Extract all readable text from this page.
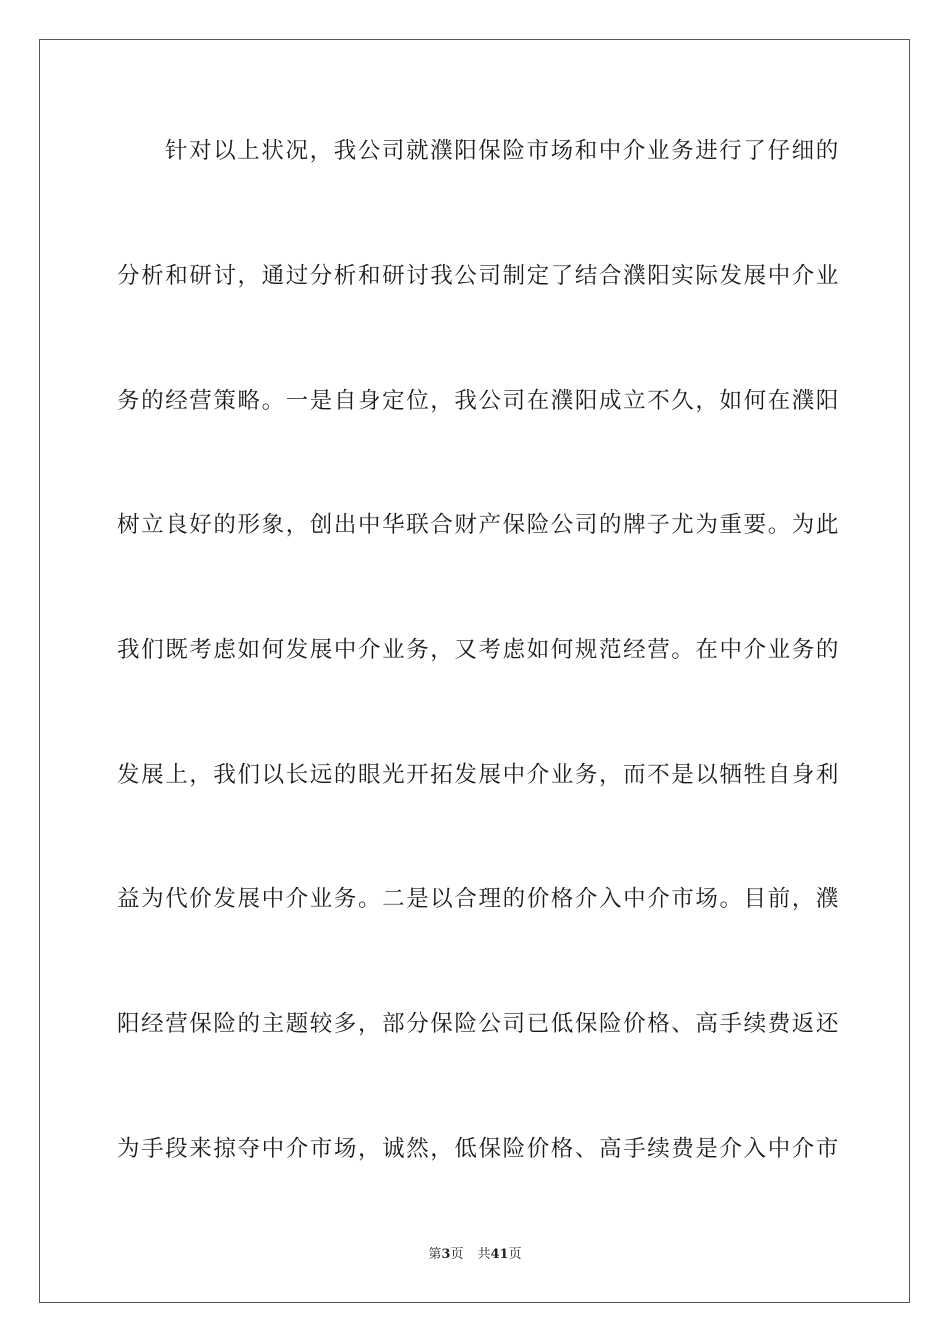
针对以上状况，我公司就濮阳保险市场和中介业务进行了仔细的

分析和研讨，通过分析和研讨我公司制定了结合濮阳实际发展中介业

务的经营策略。一是自身定位，我公司在濮阳成立不久，如何在濮阳

树立良好的形象，创出中华联合财产保险公司的牌子尤为重要。为此

我们既考虑如何发展中介业务，又考虑如何规范经营。在中介业务的

发展上，我们以长远的眼光开拓发展中介业务，而不是以牺牲自身利

益为代价发展中介业务。二是以合理的价格介入中介市场。目前，濮

阳经营保险的主题较多，部分保险公司已低保险价格、高手续费返还

为手段来掠夺中介市场，诚然，低保险价格、高手续费是介入中介市

第3页 共41页
